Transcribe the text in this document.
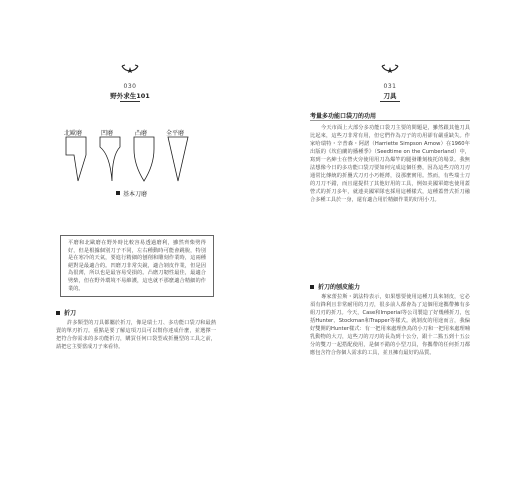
030
野外求生101
北歐磨	凹磨	凸磨	全平磨
基本刀磨
平磨和北歐磨在野外時比較容易透過磨利，雖然齊柴劈得好，但是根據個別刀子不同，左右種動時可能會跳脫，特別是在寒冷的天氣，要進行精細的刨削和雕刻作業時，這兩種絕對是最適合的。凹磨刀非常尖銳，適合剝皮作業，但是因為很薄，所以也是最容易受損的。凸磨刀韌性最佳，最適合劈柴，但在野外環境不易維護，這也就不那麼適合精細的作業的。
折刀
許多類型的刀具都屬於折刀，像是瑞士刀、多功能口袋刀和最熱賣的單刃折刀。重點是要了解這項刀具可以幫你達成什麼，並選擇一把符合你需求的多功能折刀，購買任何口袋型或折疊型的工具之前，請把它主要當成刀子來看待。
031
刀具
考量多功能口袋刀的功用
今天市面上大部分多功能口袋刀主要的問題是，雖然跟其他刀具比起來，這些刀非常有用，但它們作為刀子的功用卻有嚴重缺失。作家哈瑞特・辛普森・阿諾（Harriette Simpson Arnow）在1960年出版的《坎伯蘭的播種季》（Seedtime on the Cumberland）中，寫到一名紳士在營火旁使用用刀為爆竿的腿發雕刻棱托的場景。我無法想像今日的多功能口袋刀要如何完成這個任務，因為這些刀的刀刃通常比傳統的折疊式刀刃小巧輕薄，沒那麼實用。然而，有些瑞士刀的刀刀不錯，而且還提供了其他好用的工具，例如美國軍總也使用蓋營式的折刀多年，就連美國軍隊也採用這種樣式，這種蓋營式折刀融合多種工具於一身，還有適合用於精細作業的好用小刀。
折刀的刨皮能力
專家蕾拉斯・凱法特表示，如果想要使用這種刀具來剝皮，它必須有鋒利且非常耐用的刀刃，很多前人都會為了這個用途攜帶擁有多組刀刃的折刀。今天，Case和Imperial等公司製造了好幾種折刀，包括Hunter、Stockman和Trapper等樣式。就剝皮的用途而言，我偏好雙開的Hunter樣式：有一把用來處理魚鳥的小刀和一把用來處理哺乳動物的大刀，這些刀的刀刃的長為到十公分，跟十二點五到十五公分的雙刀一起搭配使用，是個不錯的小型刀具，你攜帶的任何折刀都應包含符合你個人需求的工具，並且擁有最好的品質。
